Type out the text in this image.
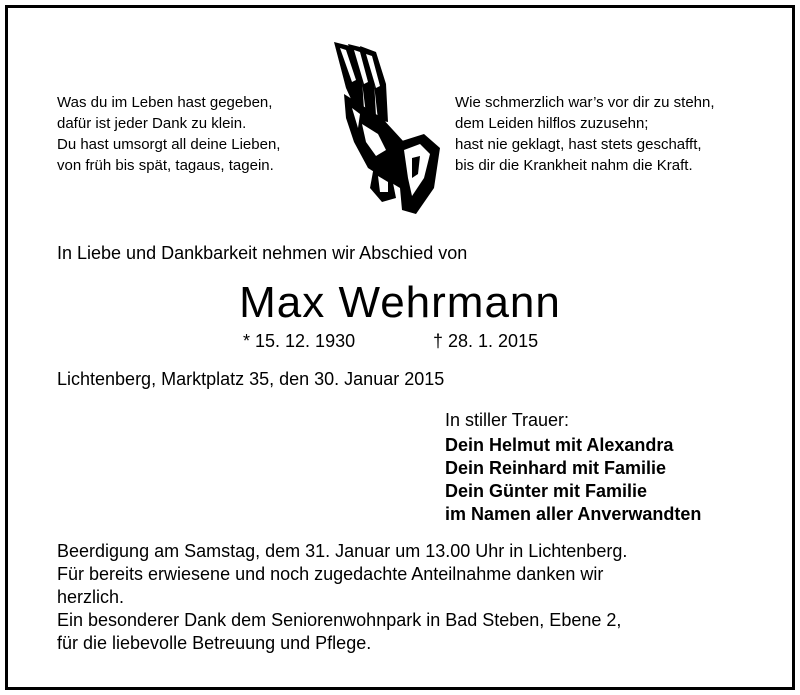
Was du im Leben hast gegeben,
dafür ist jeder Dank zu klein.
Du hast umsorgt all deine Lieben,
von früh bis spät, tagaus, tagein.
Wie schmerzlich war’s vor dir zu stehn,
dem Leiden hilflos zuzusehn;
hast nie geklagt, hast stets geschafft,
bis dir die Krankheit nahm die Kraft.
In Liebe und Dankbarkeit nehmen wir Abschied von
Max Wehrmann
* 15. 12. 1930	† 28. 1. 2015
Lichtenberg, Marktplatz 35, den 30. Januar 2015
In stiller Trauer:
Dein Helmut mit Alexandra
Dein Reinhard mit Familie
Dein Günter mit Familie
im Namen aller Anverwandten
Beerdigung am Samstag, dem 31. Januar um 13.00 Uhr in Lichtenberg.
Für bereits erwiesene und noch zugedachte Anteilnahme danken wir
herzlich.
Ein besonderer Dank dem Seniorenwohnpark in Bad Steben, Ebene 2,
für die liebevolle Betreuung und Pflege.
